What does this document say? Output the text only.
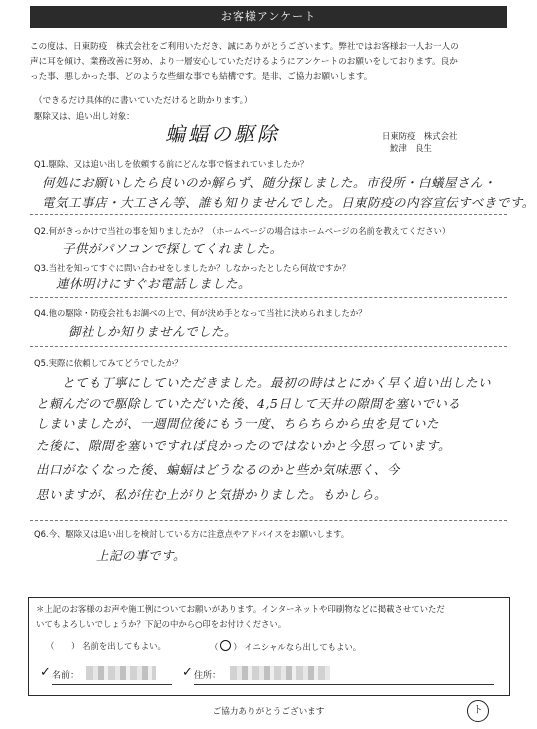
お客様アンケート
この度は、日東防疫　株式会社をご利用いただき、誠にありがとうございます。弊社ではお客様お一人お一人の
声に耳を傾け、業務改善に努め、より一層安心していただけるようにアンケートのお願いをしております。良か
った事、悪しかった事、どのような些細な事でも結構です。是非、ご協力お願いします。
（できるだけ具体的に書いていただけると助かります。）
駆除又は、追い出し対象：
蝙蝠の駆除	日東防疫　株式会社
鮫津　良生
Q1.駆除、又は追い出しを依頼する前にどんな事で悩まれていましたか？
何処にお願いしたら良いのか解らず、随分探しました。市役所・白蟻屋さん・
電気工事店・大工さん等、誰も知りませんでした。日東防疫の内容宣伝すべきです。
Q2.何がきっかけで当社の事を知りましたか？（ホームページの場合はホームページの名前を教えてください）
子供がパソコンで探してくれました。
Q3.当社を知ってすぐに問い合わせをしましたか？しなかったとしたら何故ですか？
連休明けにすぐお電話しました。
Q4.他の駆除・防疫会社もお調べの上で、何が決め手となって当社に決められましたか？
御社しか知りませんでした。
Q5.実際に依頼してみてどうでしたか？
とても丁寧にしていただきました。最初の時はとにかく早く追い出したい
と頼んだので駆除していただいた後、4,5日して天井の隙間を塞いでいる
しまいましたが、一週間位後にもう一度、ちらちらから虫を見ていた
た後に、隙間を塞いですれば良かったのではないかと今思っています。
出口がなくなった後、蝙蝠はどうなるのかと些か気味悪く、今
思いますが、私が住む上がりと気掛かりました。もかしら。
Q6.今、駆除又は追い出しを検討している方に注意点やアドバイスをお願いします。
上記の事です。
＊上記のお客様のお声や施工例についてお願いがあります。インターネットや印刷物などに掲載させていただ
いてもよろしいでしょうか？下記の中から○印をお付けください。
（　　） 名前を出してもよい。	（ ） イニシャルなら出してもよい。
✓ 名前：	✓ 住所：
ご協力ありがとうございます	ト
